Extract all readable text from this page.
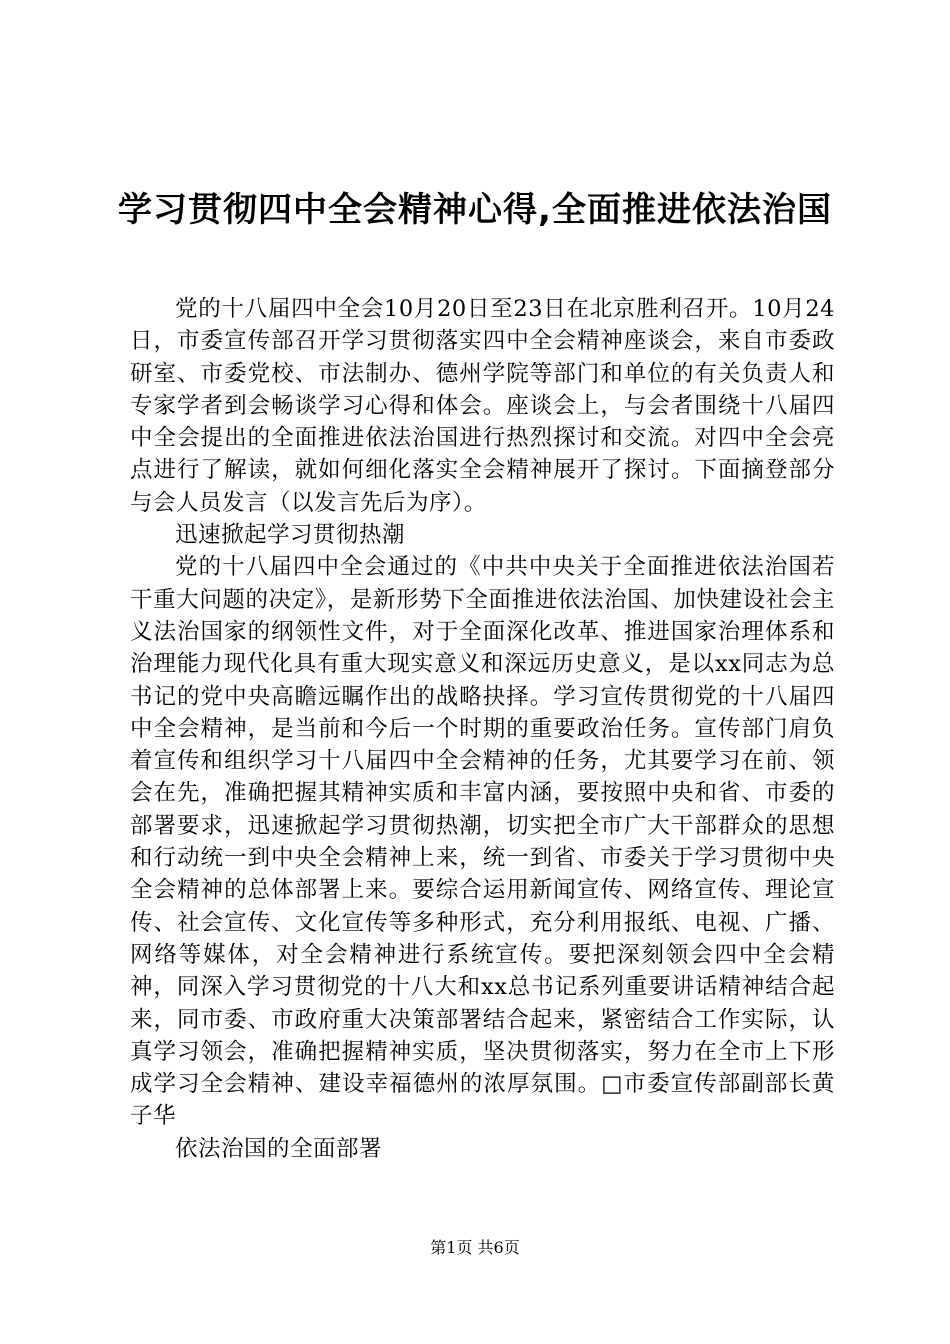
学习贯彻四中全会精神心得,全面推进依法治国

党的十八届四中全会10月20日至23日在北京胜利召开。10月24日，市委宣传部召开学习贯彻落实四中全会精神座谈会，来自市委政研室、市委党校、市法制办、德州学院等部门和单位的有关负责人和专家学者到会畅谈学习心得和体会。座谈会上，与会者围绕十八届四中全会提出的全面推进依法治国进行热烈探讨和交流。对四中全会亮点进行了解读，就如何细化落实全会精神展开了探讨。下面摘登部分与会人员发言（以发言先后为序）。

迅速掀起学习贯彻热潮

党的十八届四中全会通过的《中共中央关于全面推进依法治国若干重大问题的决定》，是新形势下全面推进依法治国、加快建设社会主义法治国家的纲领性文件，对于全面深化改革、推进国家治理体系和治理能力现代化具有重大现实意义和深远历史意义，是以xx同志为总书记的党中央高瞻远瞩作出的战略抉择。学习宣传贯彻党的十八届四中全会精神，是当前和今后一个时期的重要政治任务。宣传部门肩负着宣传和组织学习十八届四中全会精神的任务，尤其要学习在前、领会在先，准确把握其精神实质和丰富内涵，要按照中央和省、市委的部署要求，迅速掀起学习贯彻热潮，切实把全市广大干部群众的思想和行动统一到中央全会精神上来，统一到省、市委关于学习贯彻中央全会精神的总体部署上来。要综合运用新闻宣传、网络宣传、理论宣传、社会宣传、文化宣传等多种形式，充分利用报纸、电视、广播、网络等媒体，对全会精神进行系统宣传。要把深刻领会四中全会精神，同深入学习贯彻党的十八大和xx总书记系列重要讲话精神结合起来，同市委、市政府重大决策部署结合起来，紧密结合工作实际，认真学习领会，准确把握精神实质，坚决贯彻落实，努力在全市上下形成学习全会精神、建设幸福德州的浓厚氛围。□市委宣传部副部长黄子华

依法治国的全面部署

第1页 共6页
